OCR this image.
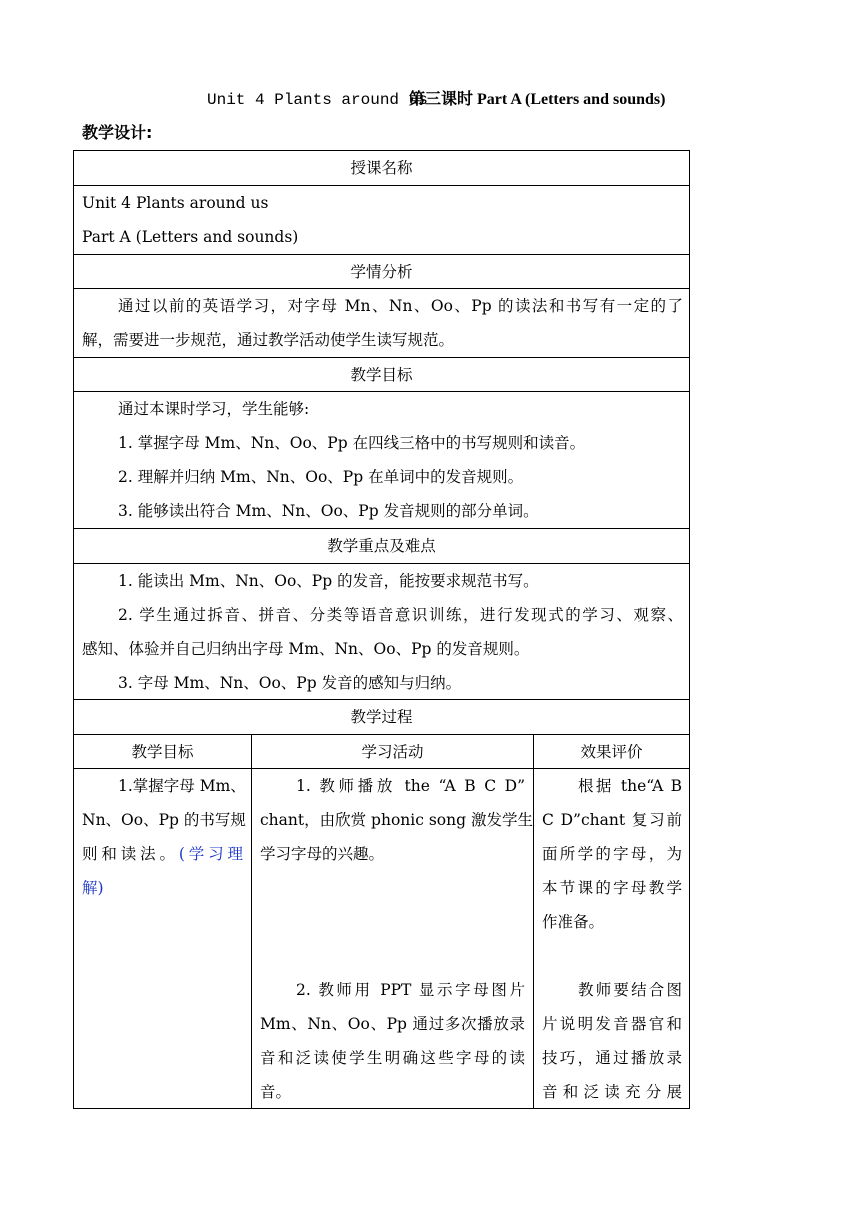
Unit 4 Plants around us
第三课时 Part A (Letters and sounds)
教学设计:
授课名称
Unit 4 Plants around us
Part A (Letters and sounds)
学情分析
通过以前的英语学习，对字母 Mn、Nn、Oo、Pp 的读法和书写有一定的了
解，需要进一步规范，通过教学活动使学生读写规范。
教学目标
通过本课时学习，学生能够:
1. 掌握字母 Mm、Nn、Oo、Pp 在四线三格中的书写规则和读音。
2. 理解并归纳 Mm、Nn、Oo、Pp 在单词中的发音规则。
3. 能够读出符合 Mm、Nn、Oo、Pp 发音规则的部分单词。
教学重点及难点
1. 能读出 Mm、Nn、Oo、Pp 的发音，能按要求规范书写。
2. 学生通过拆音、拼音、分类等语音意识训练，进行发现式的学习、观察、
感知、体验并自己归纳出字母 Mm、Nn、Oo、Pp 的发音规则。
3. 字母 Mm、Nn、Oo、Pp 发音的感知与归纳。
教学过程
教学目标	学习活动	效果评价
1.掌握字母 Mm、
Nn、Oo、Pp 的书写规
则和读法。(学习理
解)
1. 教师播放 the “A B C D”
chant，由欣赏 phonic song 激发学生
学习字母的兴趣。
2. 教师用 PPT 显示字母图片
Mm、Nn、Oo、Pp 通过多次播放录
音和泛读使学生明确这些字母的读
音。
根据 the“A B
C D”chant 复习前
面所学的字母，为
本节课的字母教学
作准备。
教师要结合图
片说明发音器官和
技巧，通过播放录
音和泛读充分展
